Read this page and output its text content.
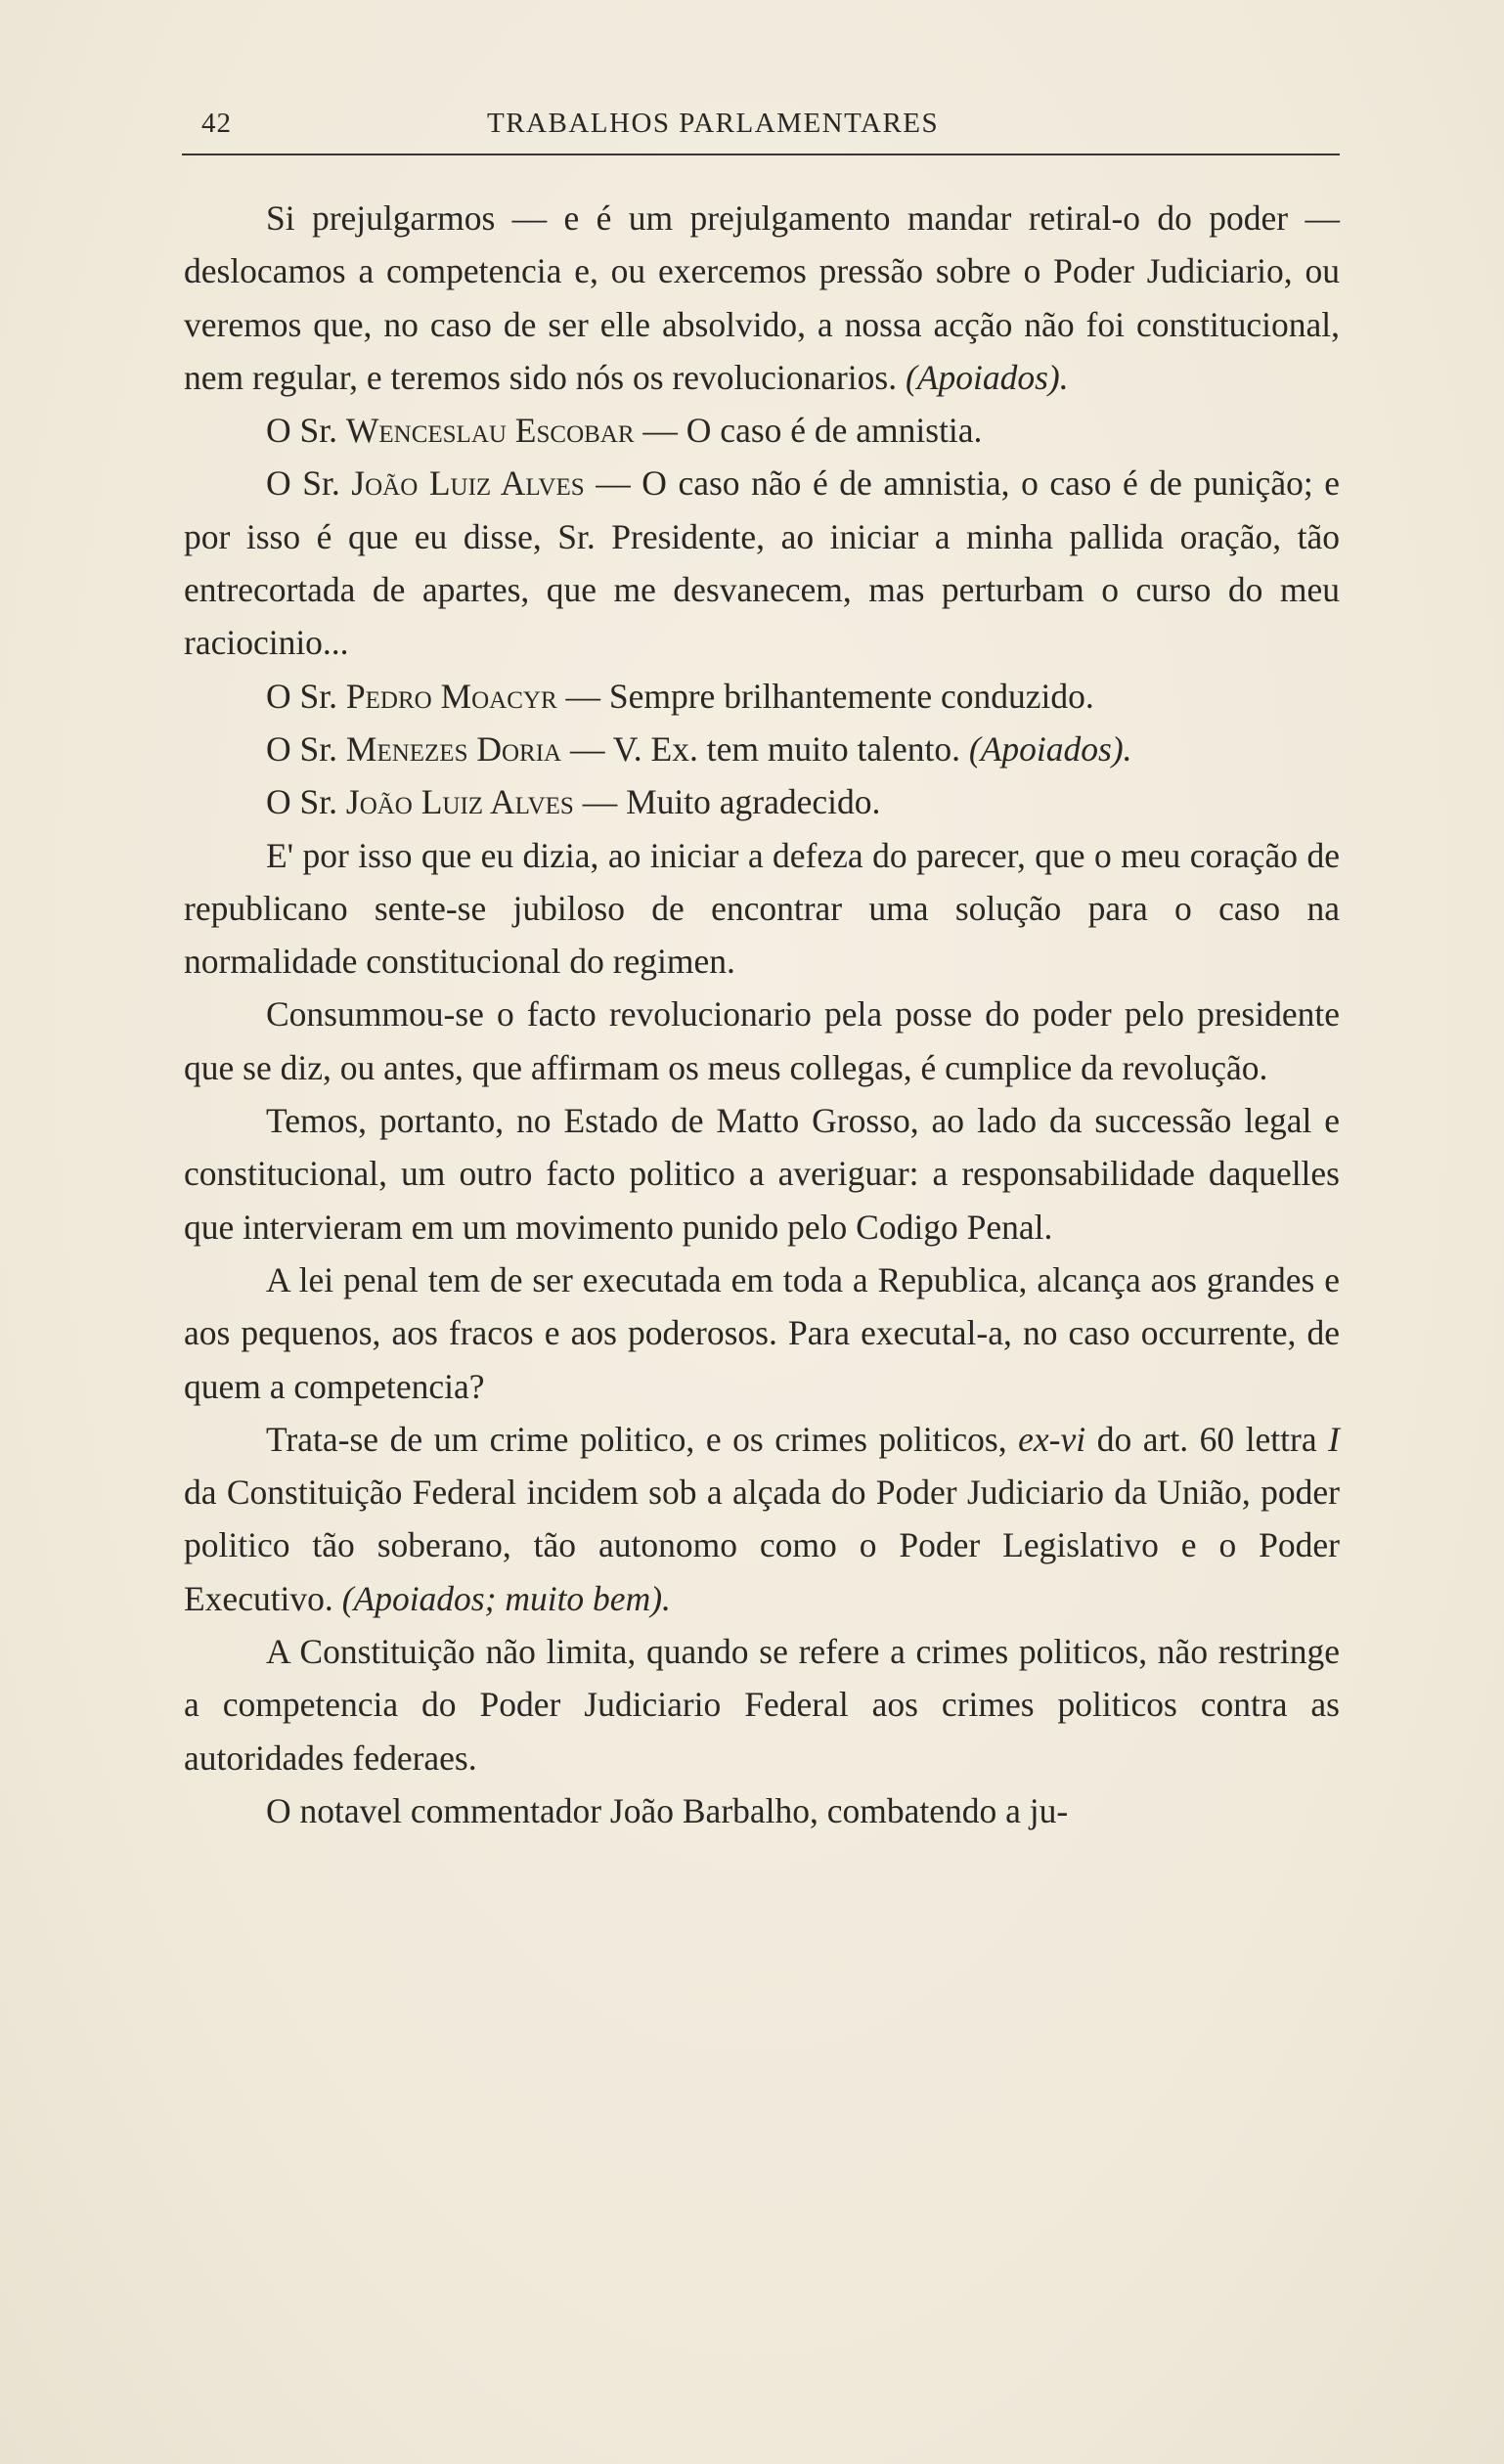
42	TRABALHOS PARLAMENTARES

Si prejulgarmos — e é um prejulgamento mandar retiral-o do poder — deslocamos a competencia e, ou exercemos pressão sobre o Poder Judiciario, ou veremos que, no caso de ser elle absolvido, a nossa acção não foi constitucional, nem regular, e teremos sido nós os revolucionarios. (Apoiados).

O Sr. Wenceslau Escobar — O caso é de amnistia.

O Sr. João Luiz Alves — O caso não é de amnistia, o caso é de punição; e por isso é que eu disse, Sr. Presidente, ao iniciar a minha pallida oração, tão entrecortada de apartes, que me desvanecem, mas perturbam o curso do meu raciocinio...

O Sr. Pedro Moacyr — Sempre brilhantemente conduzido.

O Sr. Menezes Doria — V. Ex. tem muito talento. (Apoiados).

O Sr. João Luiz Alves — Muito agradecido.

E' por isso que eu dizia, ao iniciar a defeza do parecer, que o meu coração de republicano sente-se jubiloso de encontrar uma solução para o caso na normalidade constitucional do regimen.

Consummou-se o facto revolucionario pela posse do poder pelo presidente que se diz, ou antes, que affirmam os meus collegas, é cumplice da revolução.

Temos, portanto, no Estado de Matto Grosso, ao lado da successão legal e constitucional, um outro facto politico a averiguar: a responsabilidade daquelles que intervieram em um movimento punido pelo Codigo Penal.

A lei penal tem de ser executada em toda a Republica, alcança aos grandes e aos pequenos, aos fracos e aos poderosos. Para executal-a, no caso occurrente, de quem a competencia?

Trata-se de um crime politico, e os crimes politicos, ex-vi do art. 60 lettra I da Constituição Federal incidem sob a alçada do Poder Judiciario da União, poder politico tão soberano, tão autonomo como o Poder Legislativo e o Poder Executivo. (Apoiados; muito bem).

A Constituição não limita, quando se refere a crimes politicos, não restringe a competencia do Poder Judiciario Federal aos crimes politicos contra as autoridades federaes.

O notavel commentador João Barbalho, combatendo a ju-
